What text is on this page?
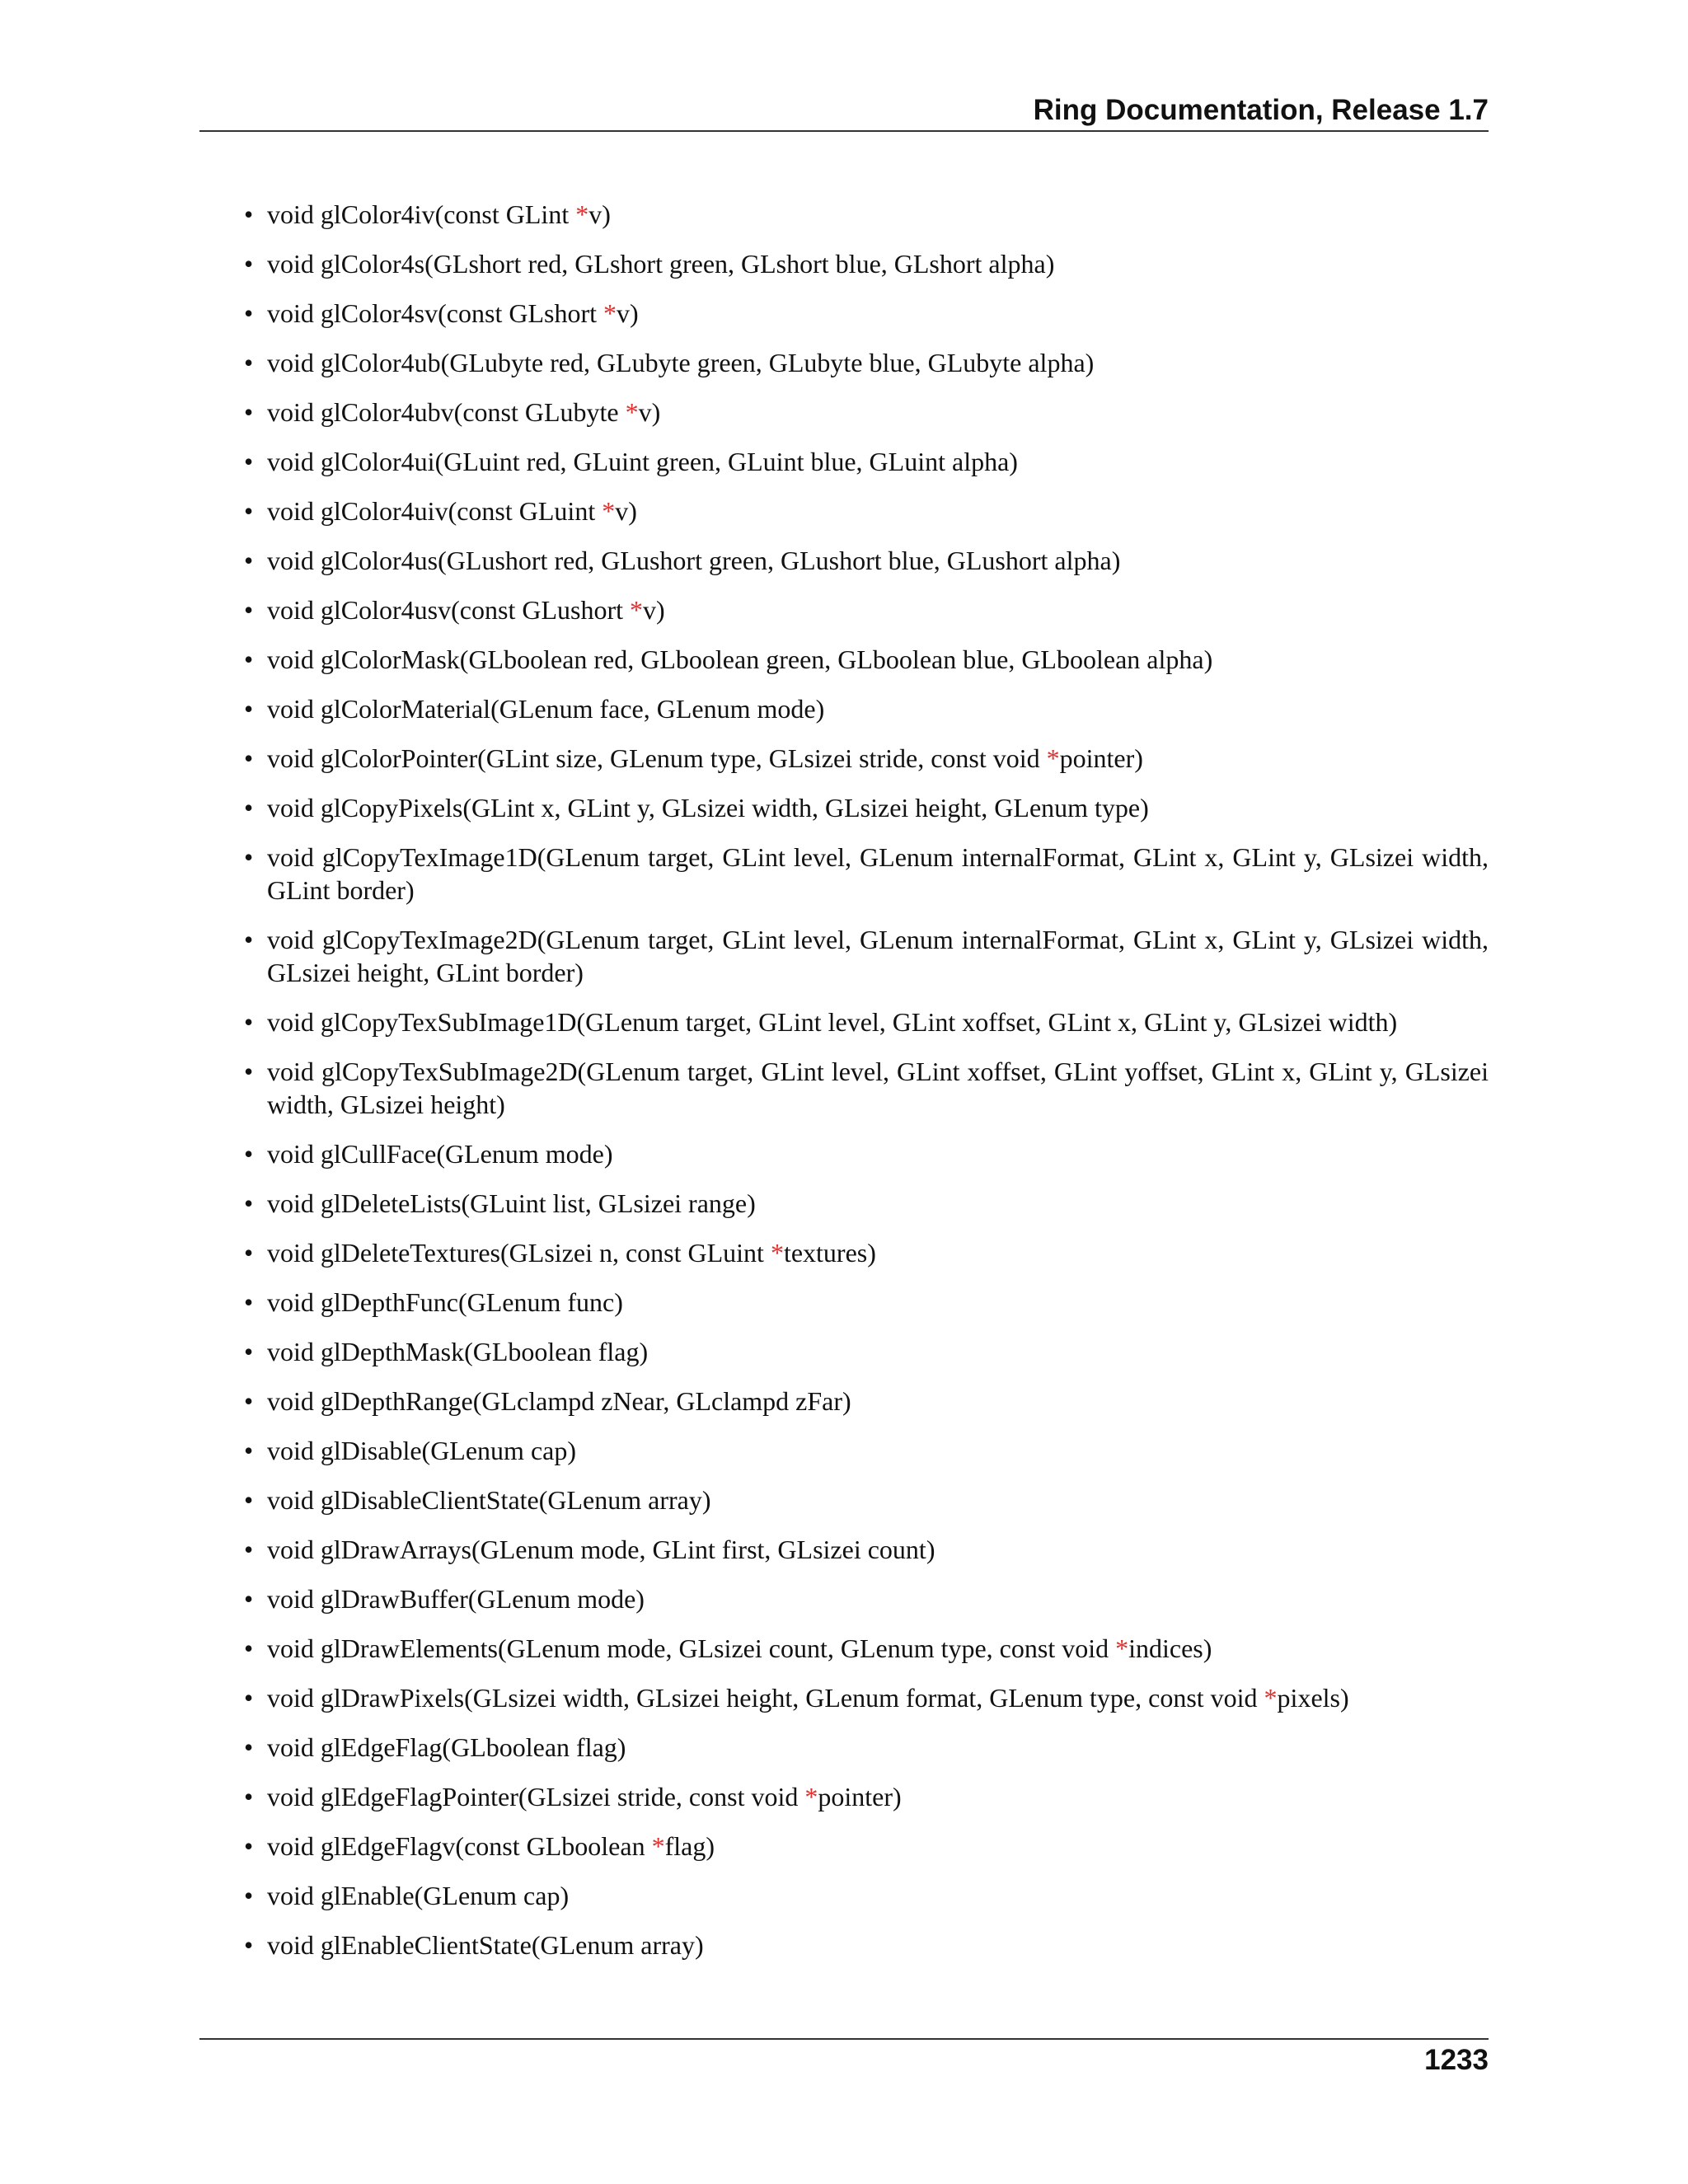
Ring Documentation, Release 1.7
• void glColor4iv(const GLint *v)
• void glColor4s(GLshort red, GLshort green, GLshort blue, GLshort alpha)
• void glColor4sv(const GLshort *v)
• void glColor4ub(GLubyte red, GLubyte green, GLubyte blue, GLubyte alpha)
• void glColor4ubv(const GLubyte *v)
• void glColor4ui(GLuint red, GLuint green, GLuint blue, GLuint alpha)
• void glColor4uiv(const GLuint *v)
• void glColor4us(GLushort red, GLushort green, GLushort blue, GLushort alpha)
• void glColor4usv(const GLushort *v)
• void glColorMask(GLboolean red, GLboolean green, GLboolean blue, GLboolean alpha)
• void glColorMaterial(GLenum face, GLenum mode)
• void glColorPointer(GLint size, GLenum type, GLsizei stride, const void *pointer)
• void glCopyPixels(GLint x, GLint y, GLsizei width, GLsizei height, GLenum type)
• void glCopyTexImage1D(GLenum target, GLint level, GLenum internalFormat, GLint x, GLint y, GLsizei width, GLint border)
• void glCopyTexImage2D(GLenum target, GLint level, GLenum internalFormat, GLint x, GLint y, GLsizei width, GLsizei height, GLint border)
• void glCopyTexSubImage1D(GLenum target, GLint level, GLint xoffset, GLint x, GLint y, GLsizei width)
• void glCopyTexSubImage2D(GLenum target, GLint level, GLint xoffset, GLint yoffset, GLint x, GLint y, GLsizei width, GLsizei height)
• void glCullFace(GLenum mode)
• void glDeleteLists(GLuint list, GLsizei range)
• void glDeleteTextures(GLsizei n, const GLuint *textures)
• void glDepthFunc(GLenum func)
• void glDepthMask(GLboolean flag)
• void glDepthRange(GLclampd zNear, GLclampd zFar)
• void glDisable(GLenum cap)
• void glDisableClientState(GLenum array)
• void glDrawArrays(GLenum mode, GLint first, GLsizei count)
• void glDrawBuffer(GLenum mode)
• void glDrawElements(GLenum mode, GLsizei count, GLenum type, const void *indices)
• void glDrawPixels(GLsizei width, GLsizei height, GLenum format, GLenum type, const void *pixels)
• void glEdgeFlag(GLboolean flag)
• void glEdgeFlagPointer(GLsizei stride, const void *pointer)
• void glEdgeFlagv(const GLboolean *flag)
• void glEnable(GLenum cap)
• void glEnableClientState(GLenum array)
1233
